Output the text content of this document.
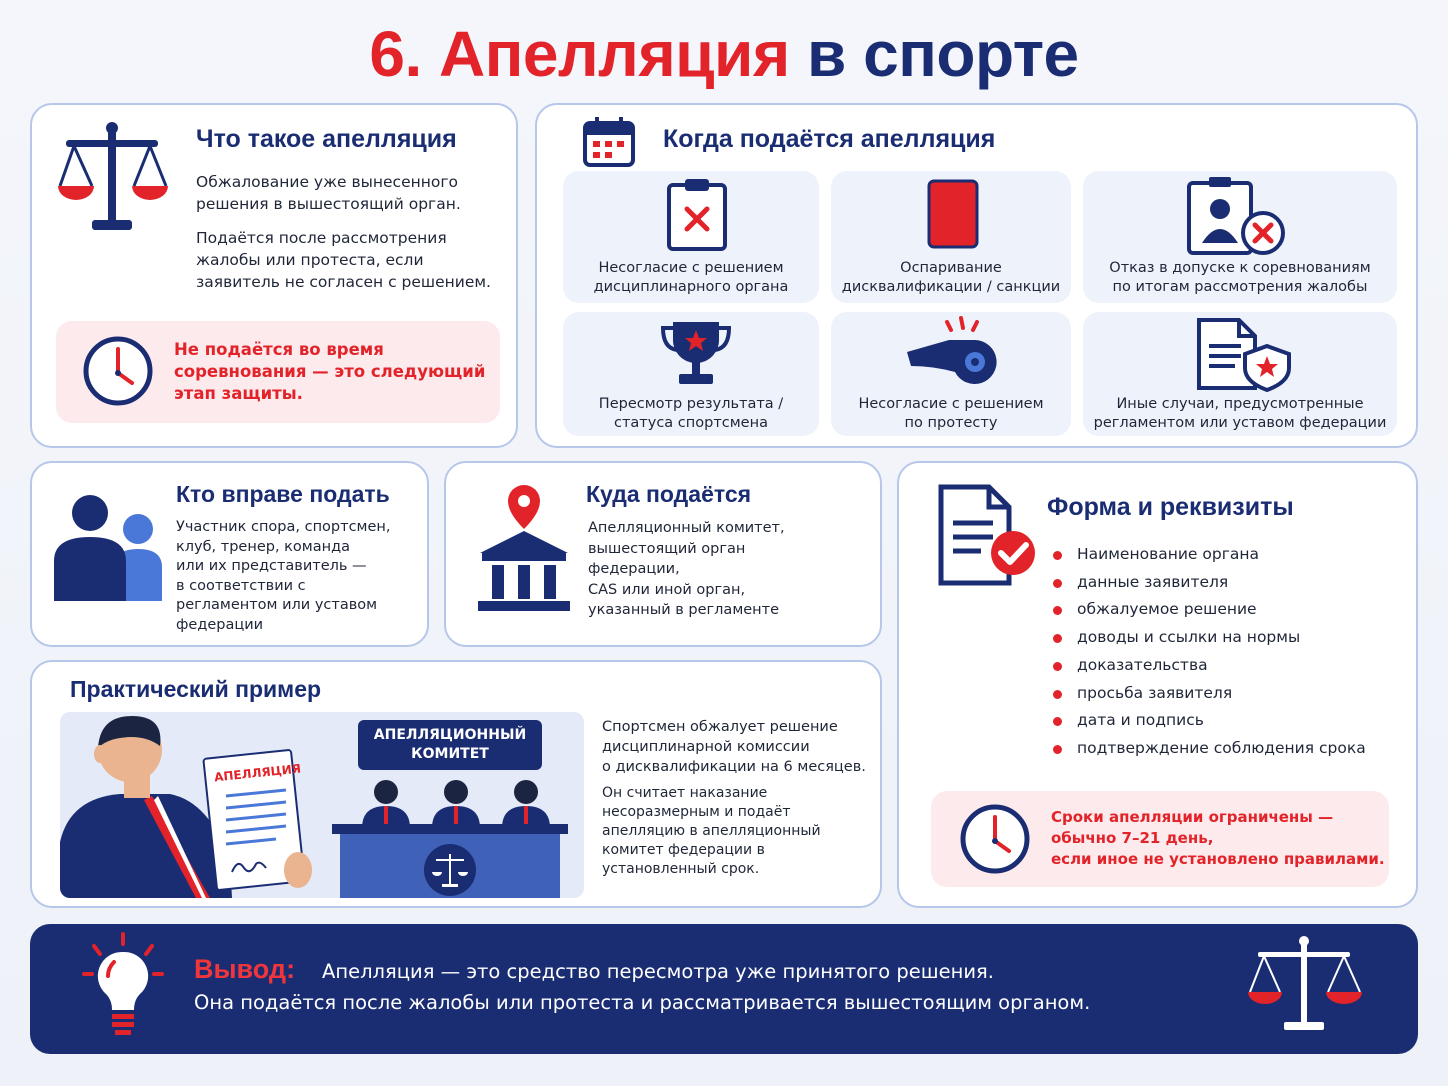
6. Апелляция в спорте
Что такое апелляция
Обжалование уже вынесенного
решения в вышестоящий орган.
Подаётся после рассмотрения
жалобы или протеста, если
заявитель не согласен с решением.
Не подаётся во время
соревнования — это следующий
этап защиты.
Когда подаётся апелляция
Несогласие с решением
дисциплинарного органа
Оспаривание
дисквалификации / санкции
Отказ в допуске к соревнованиям
по итогам рассмотрения жалобы
Пересмотр результата /
статуса спортсмена
Несогласие с решением
по протесту
Иные случаи, предусмотренные
регламентом или уставом федерации
Кто вправе подать
Участник спора, спортсмен,
клуб, тренер, команда
или их представитель —
в соответствии с
регламентом или уставом
федерации
Куда подаётся
Апелляционный комитет,
вышестоящий орган
федерации,
CAS или иной орган,
указанный в регламенте
Форма и реквизиты
Наименование органа
данные заявителя
обжалуемое решение
доводы и ссылки на нормы
доказательства
просьба заявителя
дата и подпись
подтверждение соблюдения срока
Сроки апелляции ограничены —
обычно 7–21 день,
если иное не установлено правилами.
Практический пример
АПЕЛЛЯЦИЯ
АПЕЛЛЯЦИОННЫЙ
КОМИТЕТ
Спортсмен обжалует решение
дисциплинарной комиссии
о дисквалификации на 6 месяцев.
Он считает наказание
несоразмерным и подаёт
апелляцию в апелляционный
комитет федерации в
установленный срок.
Вывод: Апелляция — это средство пересмотра уже принятого решения.
Она подаётся после жалобы или протеста и рассматривается вышестоящим органом.
